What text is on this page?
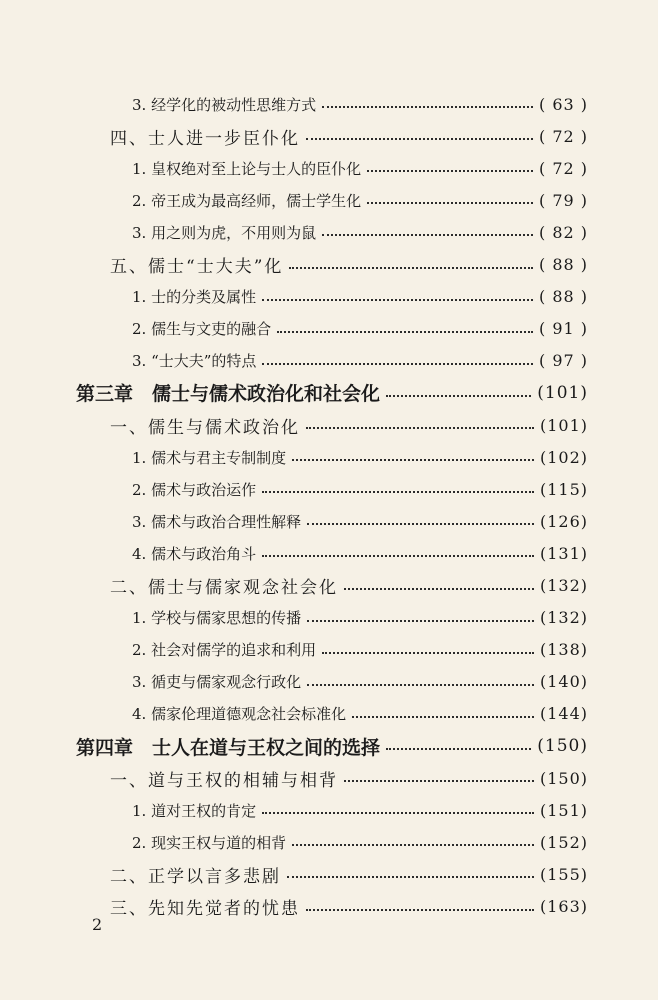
3. 经学化的被动性思维方式	( 63 )
四、士人进一步臣仆化	( 72 )
1. 皇权绝对至上论与士人的臣仆化	( 72 )
2. 帝王成为最高经师，儒士学生化	( 79 )
3. 用之则为虎，不用则为鼠	( 82 )
五、儒士“士大夫”化	( 88 )
1. 士的分类及属性	( 88 )
2. 儒生与文吏的融合	( 91 )
3. “士大夫”的特点	( 97 )
第三章　儒士与儒术政治化和社会化	(101)
一、儒生与儒术政治化	(101)
1. 儒术与君主专制制度	(102)
2. 儒术与政治运作	(115)
3. 儒术与政治合理性解释	(126)
4. 儒术与政治角斗	(131)
二、儒士与儒家观念社会化	(132)
1. 学校与儒家思想的传播	(132)
2. 社会对儒学的追求和利用	(138)
3. 循吏与儒家观念行政化	(140)
4. 儒家伦理道德观念社会标准化	(144)
第四章　士人在道与王权之间的选择	(150)
一、道与王权的相辅与相背	(150)
1. 道对王权的肯定	(151)
2. 现实王权与道的相背	(152)
二、正学以言多悲剧	(155)
三、先知先觉者的忧患	(163)
2
